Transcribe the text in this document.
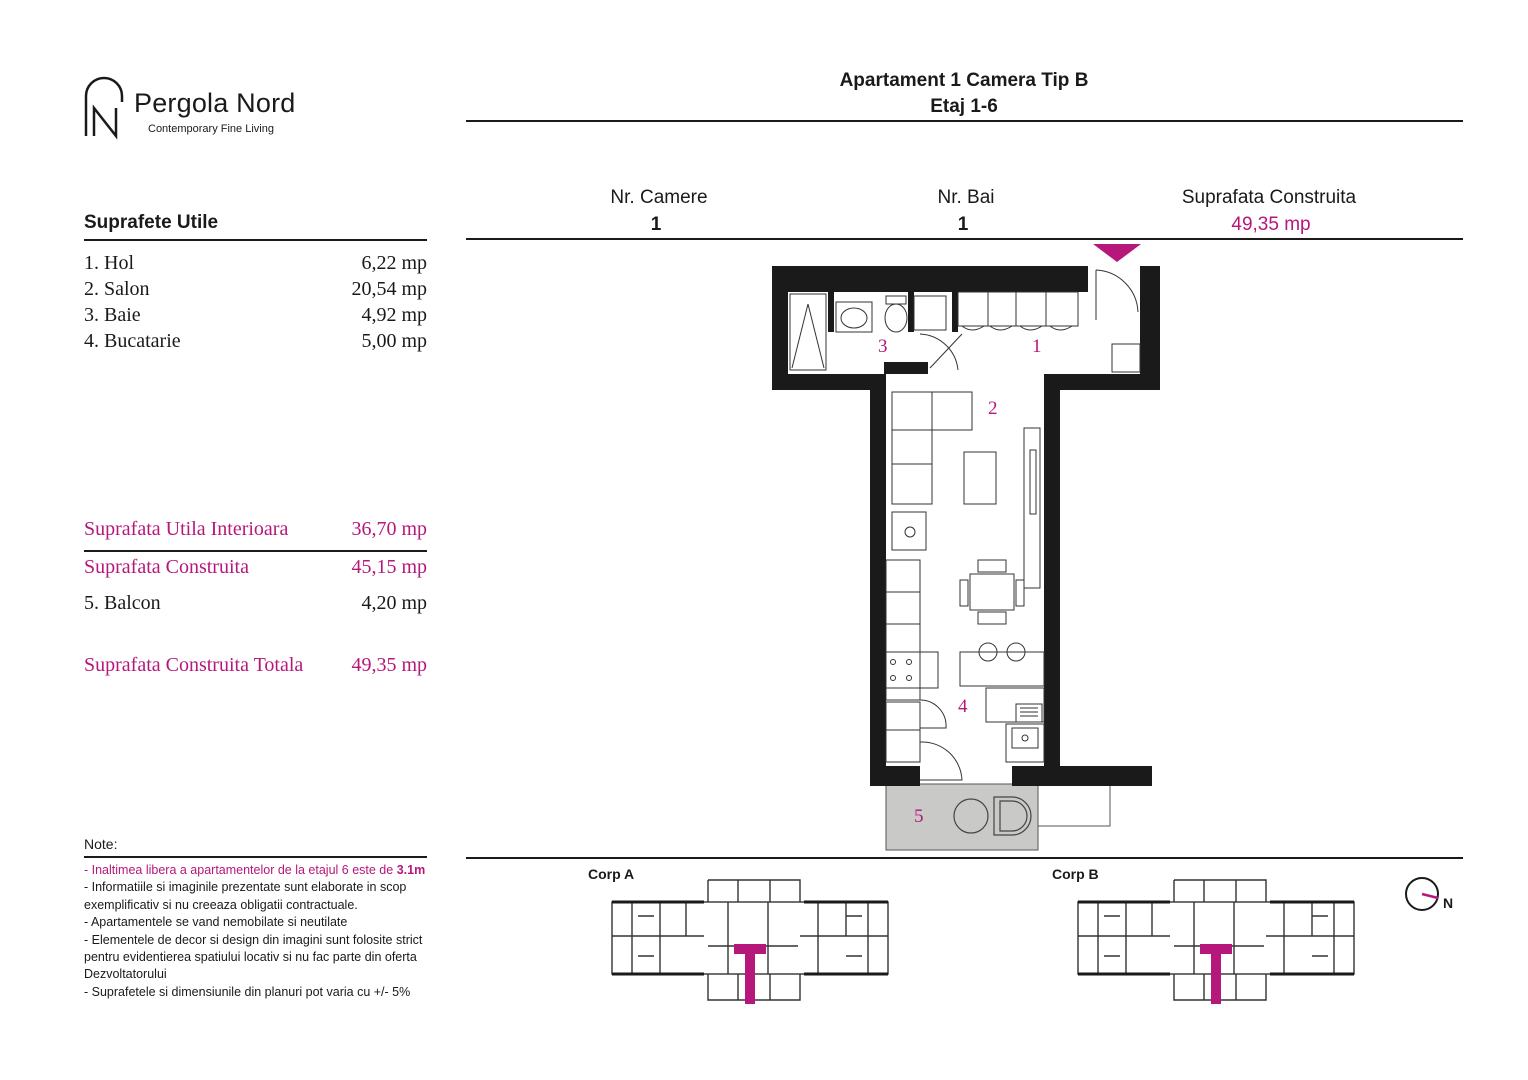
Pergola Nord
Contemporary Fine Living
Apartament 1 Camera Tip B
Etaj 1-6
Nr. Camere
1
Nr. Bai
1
Suprafata Construita
49,35 mp
Suprafete Utile
1. Hol	6,22 mp
2. Salon	20,54 mp
3. Baie	4,92 mp
4. Bucatarie	5,00 mp
Suprafata Utila Interioara	36,70 mp
Suprafata Construita	45,15 mp
5. Balcon	4,20 mp
Suprafata Construita Totala 49,35 mp
Note:

- Inaltimea libera a apartamentelor de la etajul 6 este de 3.1m

- Informatiile si imaginile prezentate sunt elaborate in scop exemplificativ si nu creeaza obligatii contractuale.

- Apartamentele se vand nemobilate si neutilate

- Elementele de decor si design din imagini sunt folosite strict pentru evidentierea spatiului locativ si nu fac parte din oferta Dezvoltatorului

- Suprafetele si dimensiunile din planuri pot varia cu +/- 5%

1
2
3
4
5
Corp A	Corp B
N
